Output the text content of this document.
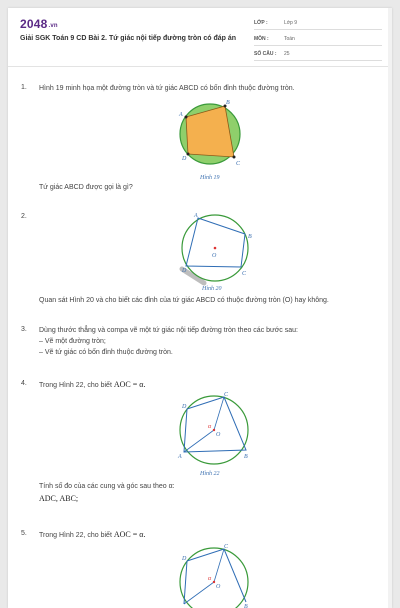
2048.vn
Giải SGK Toán 9 CD Bài 2. Tứ giác nội tiếp đường tròn có đáp án
LỚP :	Lớp 9
MÔN :	Toán
SỐ CÂU : 25
1. Hình 19 minh họa một đường tròn và tứ giác ABCD có bốn đỉnh thuộc đường tròn.
A
B
C
D
Hình 19
Tứ giác ABCD được gọi là gì?
2.	A
B
C
D
O
Hình 20
Quan sát Hình 20 và cho biết các đỉnh của tứ giác ABCD có thuộc đường tròn (O) hay không.
3. Dùng thước thẳng và compa vẽ một tứ giác nội tiếp đường tròn theo các bước sau:
– Vẽ một đường tròn;
– Vẽ tứ giác có bốn đỉnh thuộc đường tròn.
4. Trong Hình 22, cho biết AOC = α.
D
C
B
A
O
α
Hình 22
Tính số đo của các cung và góc sau theo α:
ADC, ABC;
5. Trong Hình 22, cho biết AOC = α.
C
D
α
O
B
